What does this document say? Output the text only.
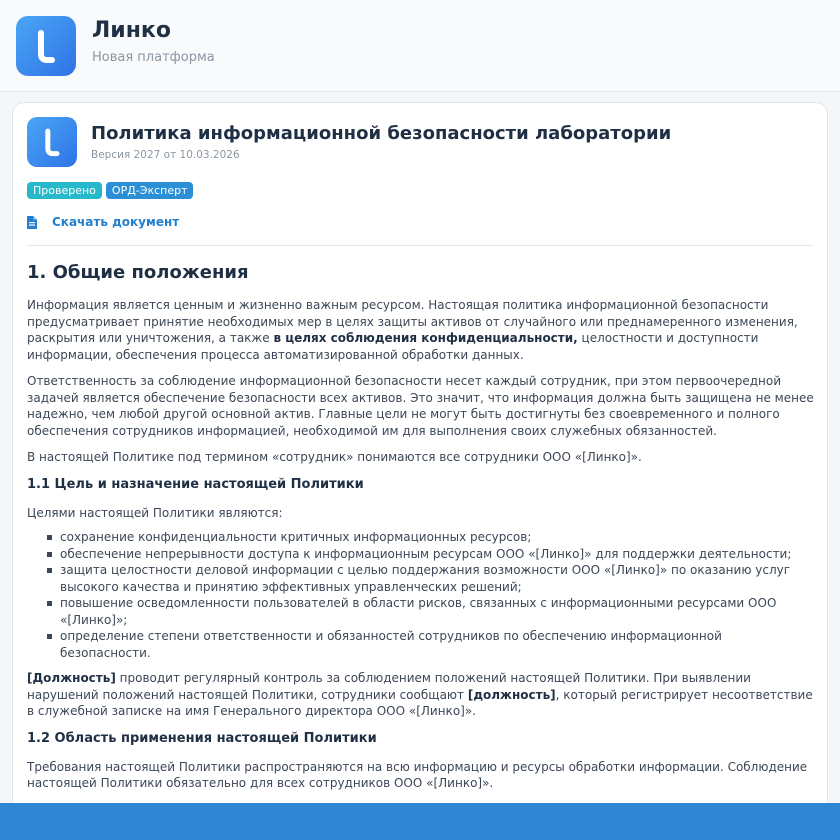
Линко
Новая платформа
Политика информационной безопасности лаборатории
Версия 2027 от 10.03.2026
Проверено	ОРД-Эксперт
Скачать документ
1. Общие положения

Информация является ценным и жизненно важным ресурсом. Настоящая политика информационной безопасности предусматривает принятие необходимых мер в целях защиты активов от случайного или преднамеренного изменения, раскрытия или уничтожения, а также в целях соблюдения конфиденциальности, целостности и доступности информации, обеспечения процесса автоматизированной обработки данных.

Ответственность за соблюдение информационной безопасности несет каждый сотрудник, при этом первоочередной задачей является обеспечение безопасности всех активов. Это значит, что информация должна быть защищена не менее надежно, чем любой другой основной актив. Главные цели не могут быть достигнуты без своевременного и полного обеспечения сотрудников информацией, необходимой им для выполнения своих служебных обязанностей.

В настоящей Политике под термином «сотрудник» понимаются все сотрудники ООО «[Линко]».

1.1 Цель и назначение настоящей Политики

Целями настоящей Политики являются:

сохранение конфиденциальности критичных информационных ресурсов;
обеспечение непрерывности доступа к информационным ресурсам ООО «[Линко]» для поддержки деятельности;
защита целостности деловой информации с целью поддержания возможности ООО «[Линко]» по оказанию услуг высокого качества и принятию эффективных управленческих решений;
повышение осведомленности пользователей в области рисков, связанных с информационными ресурсами ООО «[Линко]»;
определение степени ответственности и обязанностей сотрудников по обеспечению информационной безопасности.

[Должность] проводит регулярный контроль за соблюдением положений настоящей Политики. При выявлении нарушений положений настоящей Политики, сотрудники сообщают [должность], который регистрирует несоответствие в служебной записке на имя Генерального директора ООО «[Линко]».

1.2 Область применения настоящей Политики

Требования настоящей Политики распространяются на всю информацию и ресурсы обработки информации. Соблюдение настоящей Политики обязательно для всех сотрудников ООО «[Линко]».
